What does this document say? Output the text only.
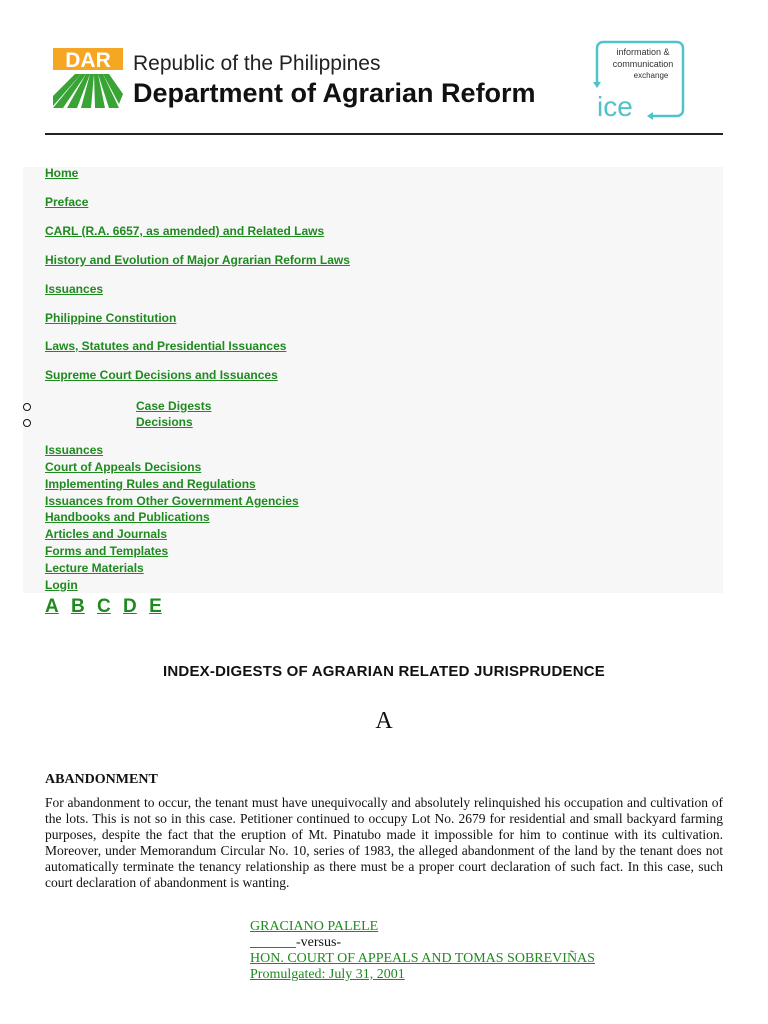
DAR Republic of the Philippines
Department of Agrarian Reform
information &
communication
exchange
ice
Home
Preface
CARL (R.A. 6657, as amended) and Related Laws
History and Evolution of Major Agrarian Reform Laws
Issuances
Philippine Constitution
Laws, Statutes and Presidential Issuances
Supreme Court Decisions and Issuances
Case Digests
Decisions
Issuances
Court of Appeals Decisions
Implementing Rules and Regulations
Issuances from Other Government Agencies
Handbooks and Publications
Articles and Journals
Forms and Templates
Lecture Materials
Login
A B C D E
INDEX-DIGESTS OF AGRARIAN RELATED JURISPRUDENCE
A
ABANDONMENT
For abandonment to occur, the tenant must have unequivocally and absolutely relinquished his occupation and cultivation of the lots. This is not so in this case. Petitioner continued to occupy Lot No. 2679 for residential and small backyard farming purposes, despite the fact that the eruption of Mt. Pinatubo made it impossible for him to continue with its cultivation. Moreover, under Memorandum Circular No. 10, series of 1983, the alleged abandonment of the land by the tenant does not automatically terminate the tenancy relationship as there must be a proper court declaration of such fact. In this case, such court declaration of abandonment is wanting.
GRACIANO PALELE
-versus-
HON. COURT OF APPEALS AND TOMAS SOBREVIÑAS
Promulgated: July 31, 2001
